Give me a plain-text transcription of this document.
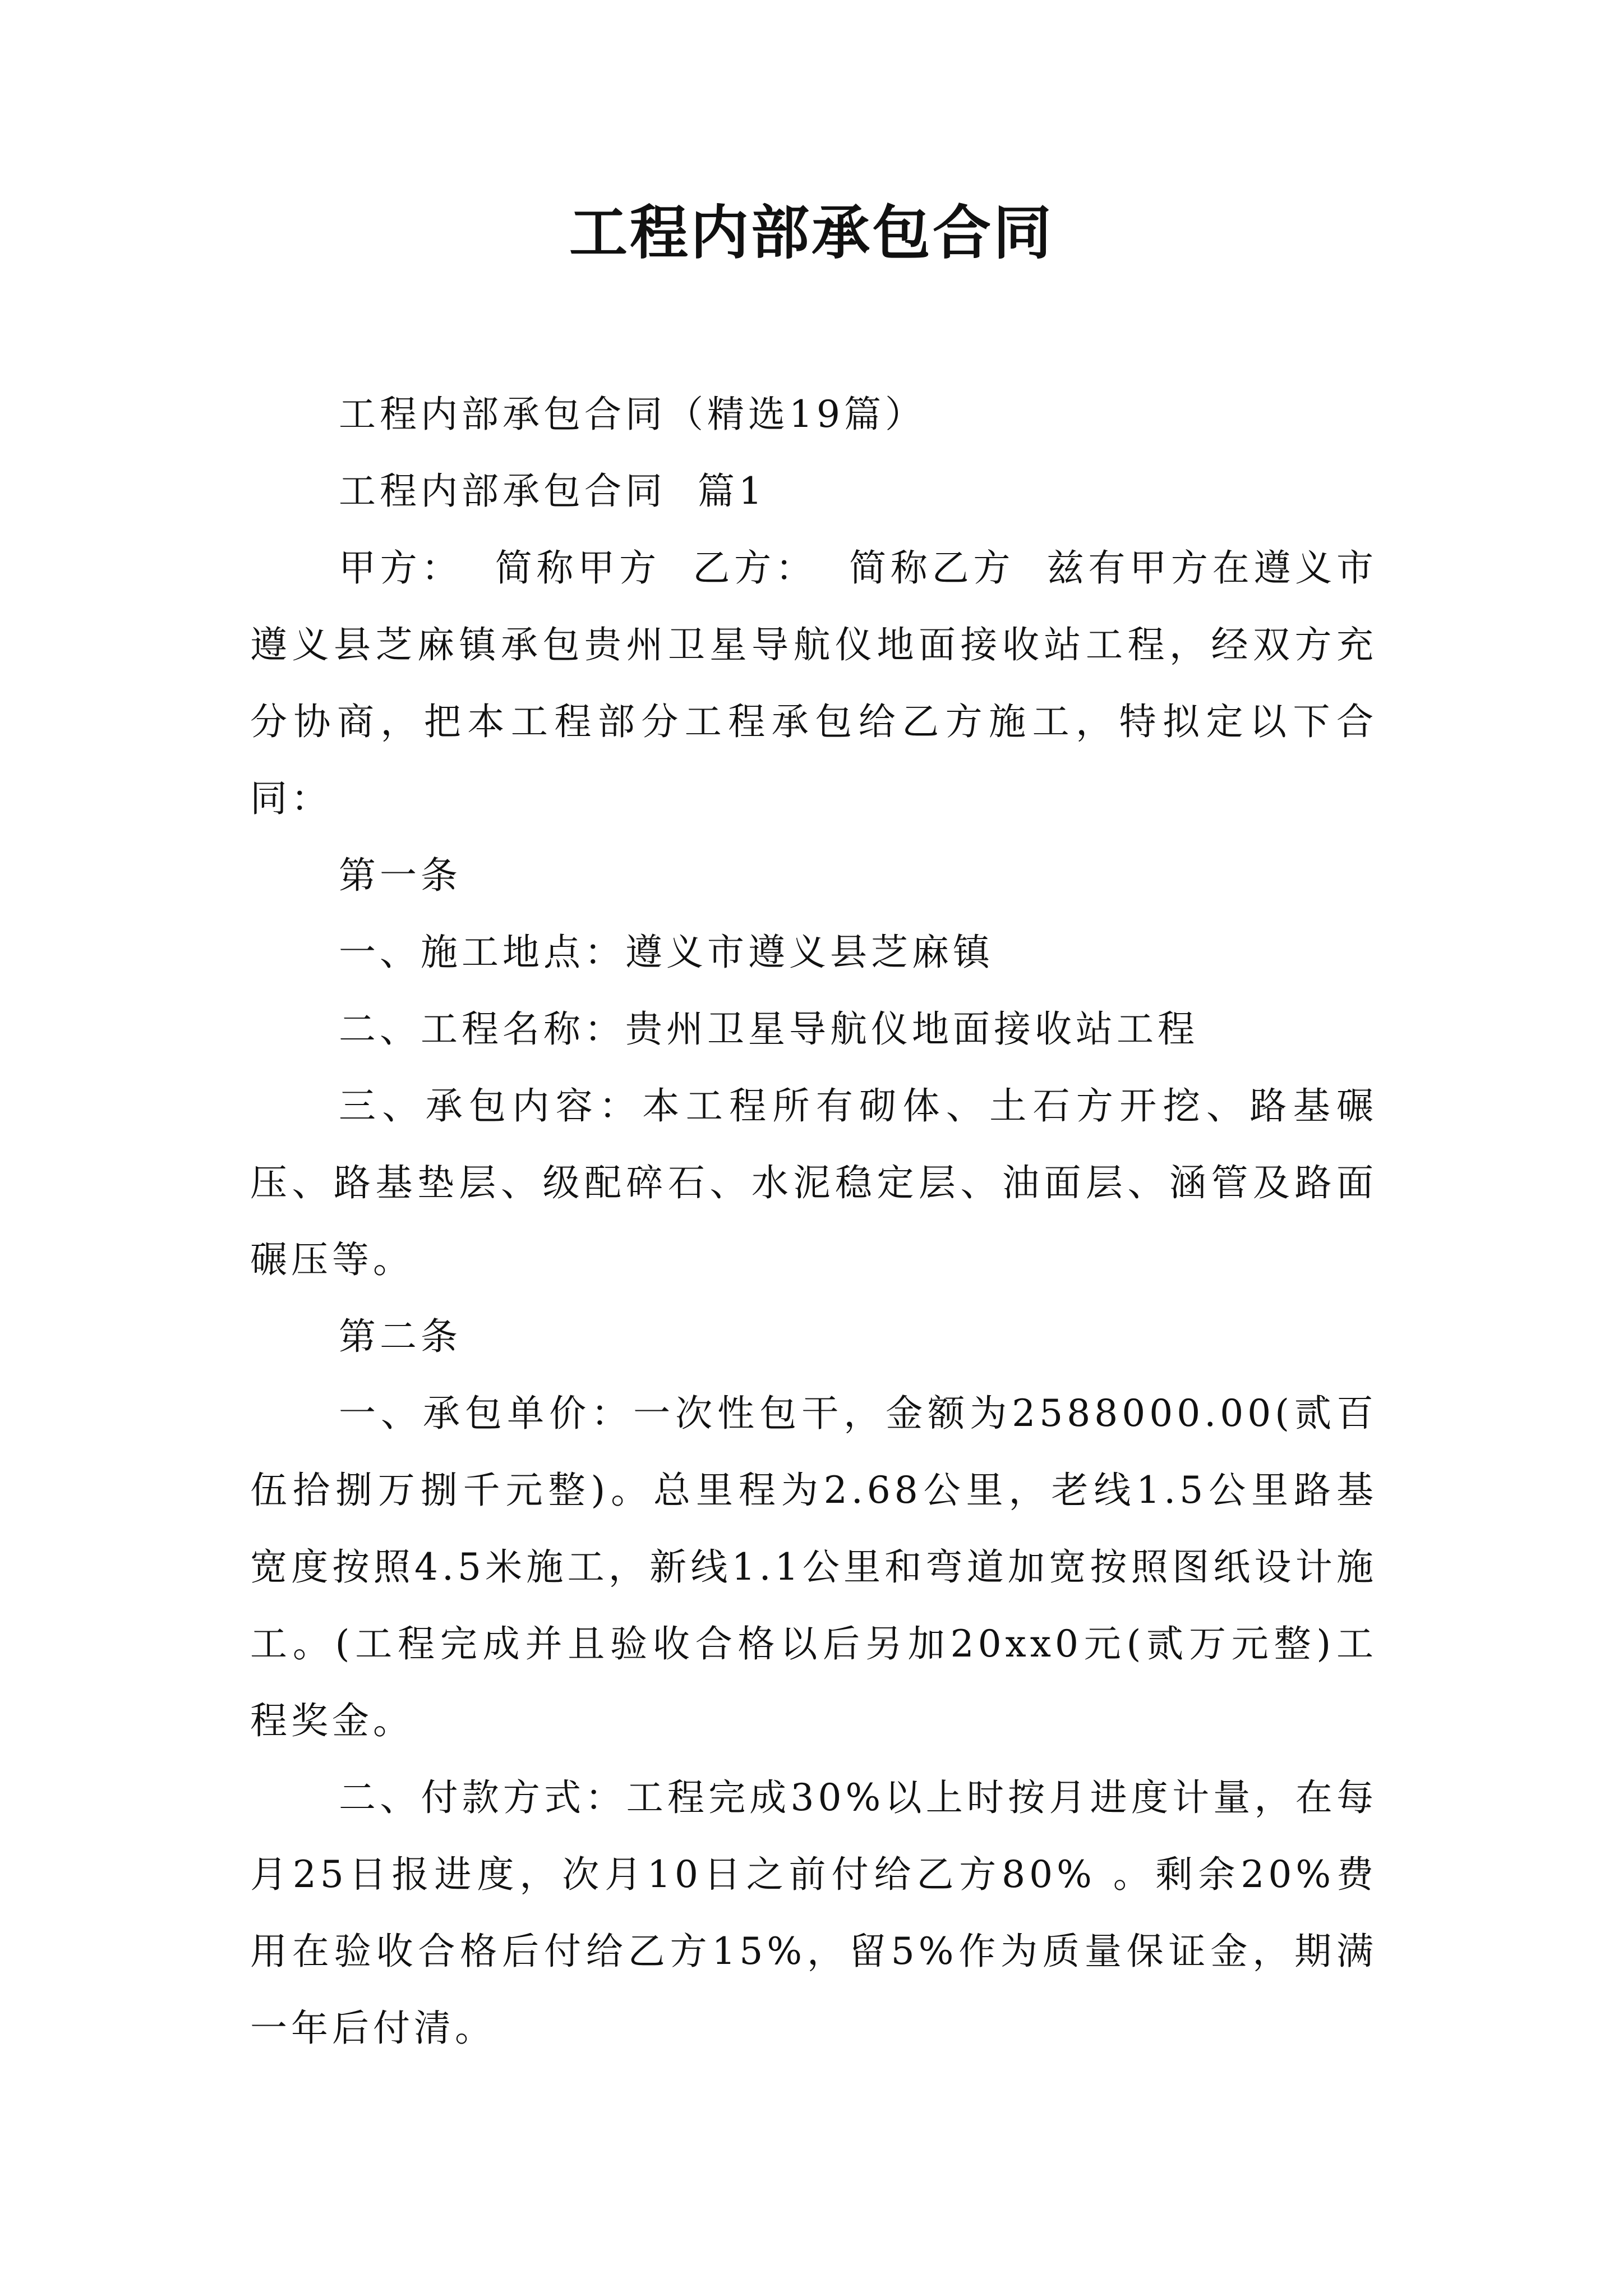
工程内部承包合同

工程内部承包合同（精选19篇）

工程内部承包合同  篇1

甲方：  简称甲方  乙方：  简称乙方  兹有甲方在遵义市遵义县芝麻镇承包贵州卫星导航仪地面接收站工程，经双方充分协商，把本工程部分工程承包给乙方施工，特拟定以下合同：

第一条

一、施工地点：遵义市遵义县芝麻镇

二、工程名称：贵州卫星导航仪地面接收站工程

三、承包内容：本工程所有砌体、土石方开挖、路基碾压、路基垫层、级配碎石、水泥稳定层、油面层、涵管及路面碾压等。

第二条

一、承包单价：一次性包干，金额为2588000.00(贰百伍拾捌万捌千元整)。总里程为2.68公里，老线1.5公里路基宽度按照4.5米施工，新线1.1公里和弯道加宽按照图纸设计施工。(工程完成并且验收合格以后另加20xx0元(贰万元整)工程奖金。

二、付款方式：工程完成30%以上时按月进度计量，在每月25日报进度，次月10日之前付给乙方80% 。剩余20%费用在验收合格后付给乙方15%，留5%作为质量保证金，期满一年后付清。
